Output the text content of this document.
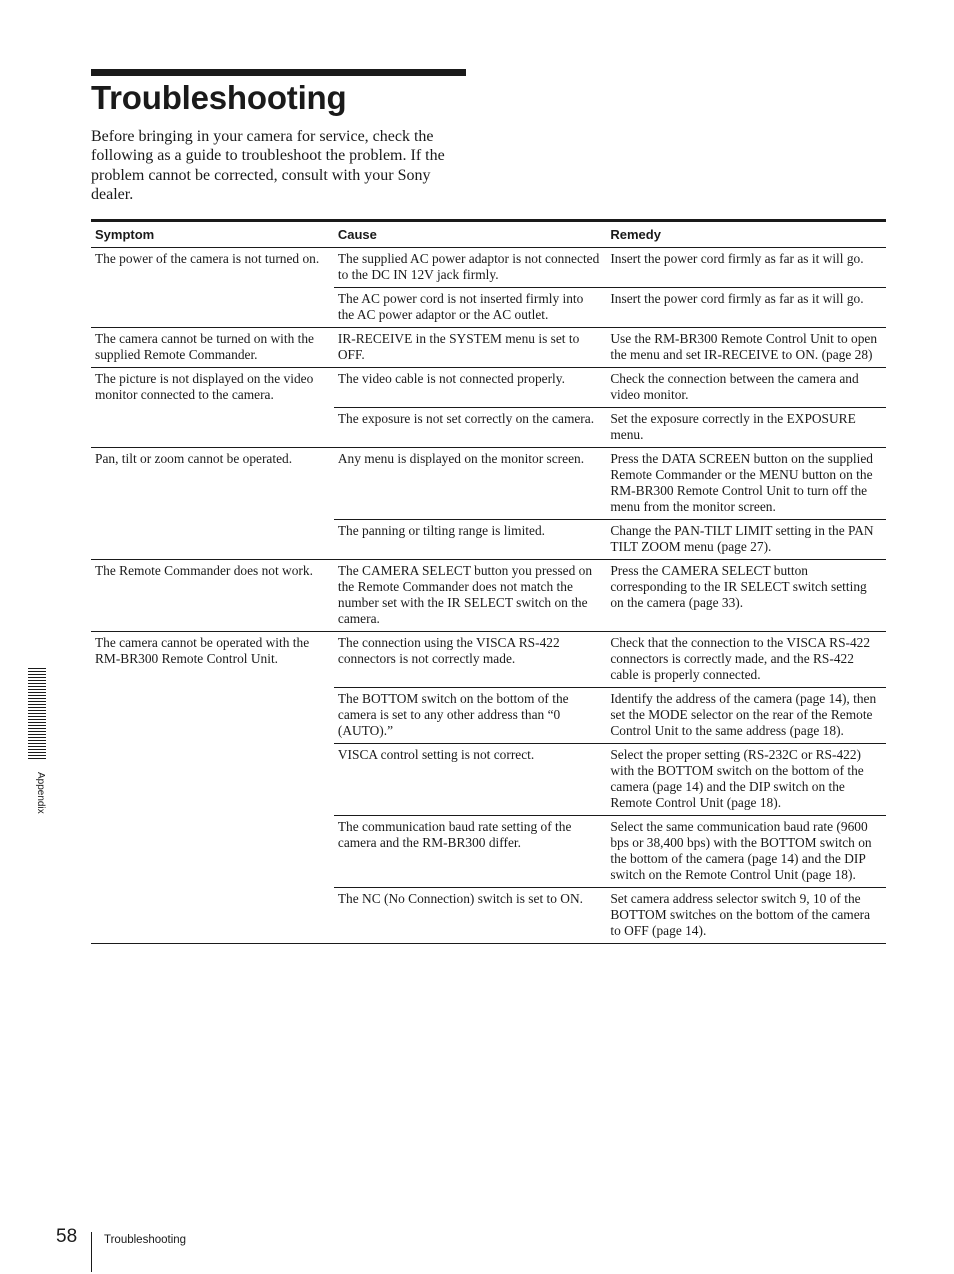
Troubleshooting

Before bringing in your camera for service, check the following as a guide to troubleshoot the problem. If the problem cannot be corrected, consult with your Sony dealer.

Symptom	Cause	Remedy
The power of the camera is not turned on.	The supplied AC power adaptor is not connected to the DC IN 12V jack firmly.	Insert the power cord firmly as far as it will go.
	The AC power cord is not inserted firmly into the AC power adaptor or the AC outlet.	Insert the power cord firmly as far as it will go.
The camera cannot be turned on with the supplied Remote Commander.	IR-RECEIVE in the SYSTEM menu is set to OFF.	Use the RM-BR300 Remote Control Unit to open the menu and set IR-RECEIVE to ON. (page 28)
The picture is not displayed on the video monitor connected to the camera.	The video cable is not connected properly.	Check the connection between the camera and video monitor.
	The exposure is not set correctly on the camera.	Set the exposure correctly in the EXPOSURE menu.
Pan, tilt or zoom cannot be operated.	Any menu is displayed on the monitor screen.	Press the DATA SCREEN button on the supplied Remote Commander or the MENU button on the RM-BR300 Remote Control Unit to turn off the menu from the monitor screen.
	The panning or tilting range is limited.	Change the PAN-TILT LIMIT setting in the PAN TILT ZOOM menu (page 27).
The Remote Commander does not work.	The CAMERA SELECT button you pressed on the Remote Commander does not match the number set with the IR SELECT switch on the camera.	Press the CAMERA SELECT button corresponding to the IR SELECT switch setting on the camera (page 33).
The camera cannot be operated with the RM-BR300 Remote Control Unit.	The connection using the VISCA RS-422 connectors is not correctly made.	Check that the connection to the VISCA RS-422 connectors is correctly made, and the RS-422 cable is properly connected.
	The BOTTOM switch on the bottom of the camera is set to any other address than “0 (AUTO).”	Identify the address of the camera (page 14), then set the MODE selector on the rear of the Remote Control Unit to the same address (page 18).
	VISCA control setting is not correct.	Select the proper setting (RS-232C or RS-422) with the BOTTOM switch on the bottom of the camera (page 14) and the DIP switch on the Remote Control Unit (page 18).
	The communication baud rate setting of the camera and the RM-BR300 differ.	Select the same communication baud rate (9600 bps or 38,400 bps) with the BOTTOM switch on the bottom of the camera (page 14) and the DIP switch on the Remote Control Unit (page 18).
	The NC (No Connection) switch is set to ON.	Set camera address selector switch 9, 10 of the BOTTOM switches on the bottom of the camera to OFF (page 14).
Appendix
58 Troubleshooting
